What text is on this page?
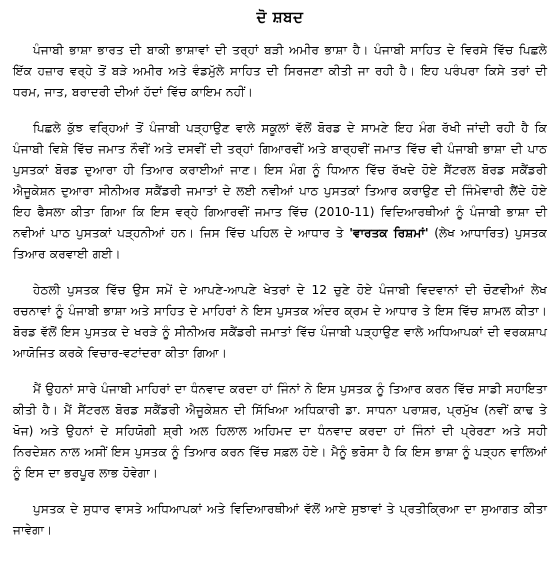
ਦੋ ਸ਼ਬਦ

ਪੰਜਾਬੀ ਭਾਸ਼ਾ ਭਾਰਤ ਦੀ ਬਾਕੀ ਭਾਸ਼ਾਵਾਂ ਦੀ ਤਰ੍ਹਾਂ ਬੜੀ ਅਮੀਰ ਭਾਸ਼ਾ ਹੈ। ਪੰਜਾਬੀ ਸਾਹਿਤ ਦੇ ਵਿਰਸੇ ਵਿੱਚ ਪਿਛਲੇ ਇੱਕ ਹਜ਼ਾਰ ਵਰ੍ਹੇ ਤੋਂ ਬੜੇ ਅਮੀਰ ਅਤੇ ਵੰਡਮੁੱਲੇ ਸਾਹਿਤ ਦੀ ਸਿਰਜਣਾ ਕੀਤੀ ਜਾ ਰਹੀ ਹੈ। ਇਹ ਪਰੰਪਰਾ ਕਿਸੇ ਤਰਾਂ ਦੀ ਧਰਮ, ਜਾਤ, ਬਰਾਦਰੀ ਦੀਆਂ ਹੱਦਾਂ ਵਿੱਚ ਕਾਇਮ ਨਹੀਂ।

ਪਿਛਲੇ ਕੁੱਝ ਵਰ੍ਹਿਆਂ ਤੋਂ ਪੰਜਾਬੀ ਪੜ੍ਹਾਉਣ ਵਾਲੇ ਸਕੂਲਾਂ ਵੱਲੋਂ ਬੋਰਡ ਦੇ ਸਾਮਣੇ ਇਹ ਮੰਗ ਰੱਖੀ ਜਾਂਦੀ ਰਹੀ ਹੈ ਕਿ ਪੰਜਾਬੀ ਵਿਸ਼ੇ ਵਿੱਚ ਜਮਾਤ ਨੌਵੀਂ ਅਤੇ ਦਸਵੀਂ ਦੀ ਤਰ੍ਹਾਂ ਗਿਆਰਵੀਂ ਅਤੇ ਬਾਰ੍ਹਵੀਂ ਜਮਾਤ ਵਿੱਚ ਵੀ ਪੰਜਾਬੀ ਭਾਸ਼ਾ ਦੀ ਪਾਠ ਪੁਸਤਕਾਂ ਬੋਰਡ ਦੁਆਰਾ ਹੀ ਤਿਆਰ ਕਰਾਈਆਂ ਜਾਣ। ਇਸ ਮੰਗ ਨੂੰ ਧਿਆਨ ਵਿੱਚ ਰੱਖਦੇ ਹੋਏ ਸੈਂਟਰਲ ਬੋਰਡ ਸਕੈਂਡਰੀ ਐਜੂਕੇਸ਼ਨ ਦੁਆਰਾ ਸੀਨੀਅਰ ਸਕੈਂਡਰੀ ਜਮਾਤਾਂ ਦੇ ਲਈ ਨਵੀਆਂ ਪਾਠ ਪੁਸਤਕਾਂ ਤਿਆਰ ਕਰਾਉਣ ਦੀ ਜਿੰਮੇਵਾਰੀ ਲੈਂਦੇ ਹੋਏ ਇਹ ਫੈਸਲਾ ਕੀਤਾ ਗਿਆ ਕਿ ਇਸ ਵਰ੍ਹੇ ਗਿਆਰਵੀਂ ਜਮਾਤ ਵਿੱਚ (2010-11) ਵਿਦਿਆਰਥੀਆਂ ਨੂੰ ਪੰਜਾਬੀ ਭਾਸ਼ਾ ਦੀ ਨਵੀਆਂ ਪਾਠ ਪੁਸਤਕਾਂ ਪੜ੍ਹਨੀਆਂ ਹਨ। ਜਿਸ ਵਿੱਚ ਪਹਿਲ ਦੇ ਆਧਾਰ ਤੇ 'ਵਾਰਤਕ ਰਿਸ਼ਮਾਂ' (ਲੇਖ ਆਧਾਰਿਤ) ਪੁਸਤਕ ਤਿਆਰ ਕਰਵਾਈ ਗਈ।

ਹੇਠਲੀ ਪੁਸਤਕ ਵਿੱਚ ਉਸ ਸਮੇਂ ਦੇ ਆਪਣੇ-ਆਪਣੇ ਖੇਤਰਾਂ ਦੇ 12 ਚੁਣੇ ਹੋਏ ਪੰਜਾਬੀ ਵਿਦਵਾਨਾਂ ਦੀ ਚੋਣਵੀਆਂ ਲੇਖ ਰਚਨਾਵਾਂ ਨੂੰ ਪੰਜਾਬੀ ਭਾਸ਼ਾ ਅਤੇ ਸਾਹਿਤ ਦੇ ਮਾਹਿਰਾਂ ਨੇ ਇਸ ਪੁਸਤਕ ਅੰਦਰ ਕ੍ਰਮ ਦੇ ਆਧਾਰ ਤੇ ਇਸ ਵਿੱਚ ਸ਼ਾਮਲ ਕੀਤਾ। ਬੋਰਡ ਵੱਲੋਂ ਇਸ ਪੁਸਤਕ ਦੇ ਖਰੜੇ ਨੂੰ ਸੀਨੀਅਰ ਸਕੈਂਡਰੀ ਜਮਾਤਾਂ ਵਿੱਚ ਪੰਜਾਬੀ ਪੜ੍ਹਾਉਣ ਵਾਲੇ ਅਧਿਆਪਕਾਂ ਦੀ ਵਰਕਸ਼ਾਪ ਆਯੋਜਿਤ ਕਰਕੇ ਵਿਚਾਰ-ਵਟਾਂਦਰਾ ਕੀਤਾ ਗਿਆ।

ਮੈਂ ਉਹਨਾਂ ਸਾਰੇ ਪੰਜਾਬੀ ਮਾਹਿਰਾਂ ਦਾ ਧੰਨਵਾਦ ਕਰਦਾ ਹਾਂ ਜਿੰਨਾਂ ਨੇ ਇਸ ਪੁਸਤਕ ਨੂੰ ਤਿਆਰ ਕਰਨ ਵਿੱਚ ਸਾਡੀ ਸਹਾਇਤਾ ਕੀਤੀ ਹੈ। ਮੈਂ ਸੈਂਟਰਲ ਬੋਰਡ ਸਕੈਂਡਰੀ ਐਜੂਕੇਸ਼ਨ ਦੀ ਸਿੱਖਿਆ ਅਧਿਕਾਰੀ ਡਾ. ਸਾਧਨਾ ਪਰਾਸ਼ਰ, ਪ੍ਰਮੁੱਖ (ਨਵੀਂ ਕਾਢ ਤੇ ਖੋਜ) ਅਤੇ ਉਹਨਾਂ ਦੇ ਸਹਿਯੋਗੀ ਸ਼੍ਰੀ ਅਲ ਹਿਲਾਲ ਅਹਿਮਦ ਦਾ ਧੰਨਵਾਦ ਕਰਦਾ ਹਾਂ ਜਿੰਨਾਂ ਦੀ ਪ੍ਰੇਰਣਾ ਅਤੇ ਸਹੀ ਨਿਰਦੇਸ਼ਨ ਨਾਲ ਅਸੀਂ ਇਸ ਪੁਸਤਕ ਨੂੰ ਤਿਆਰ ਕਰਨ ਵਿੱਚ ਸਫ਼ਲ ਹੋਏ। ਮੈਨੂੰ ਭਰੋਸਾ ਹੈ ਕਿ ਇਸ ਭਾਸ਼ਾ ਨੂੰ ਪੜ੍ਹਨ ਵਾਲਿਆਂ ਨੂੰ ਇਸ ਦਾ ਭਰਪੂਰ ਲਾਭ ਹੋਵੇਗਾ।

ਪੁਸਤਕ ਦੇ ਸੁਧਾਰ ਵਾਸਤੇ ਅਧਿਆਪਕਾਂ ਅਤੇ ਵਿਦਿਆਰਥੀਆਂ ਵੱਲੋਂ ਆਏ ਸੁਝਾਵਾਂ ਤੇ ਪ੍ਰਤੀਕ੍ਰਿਆ ਦਾ ਸੁਆਗਤ ਕੀਤਾ ਜਾਵੇਗਾ।
